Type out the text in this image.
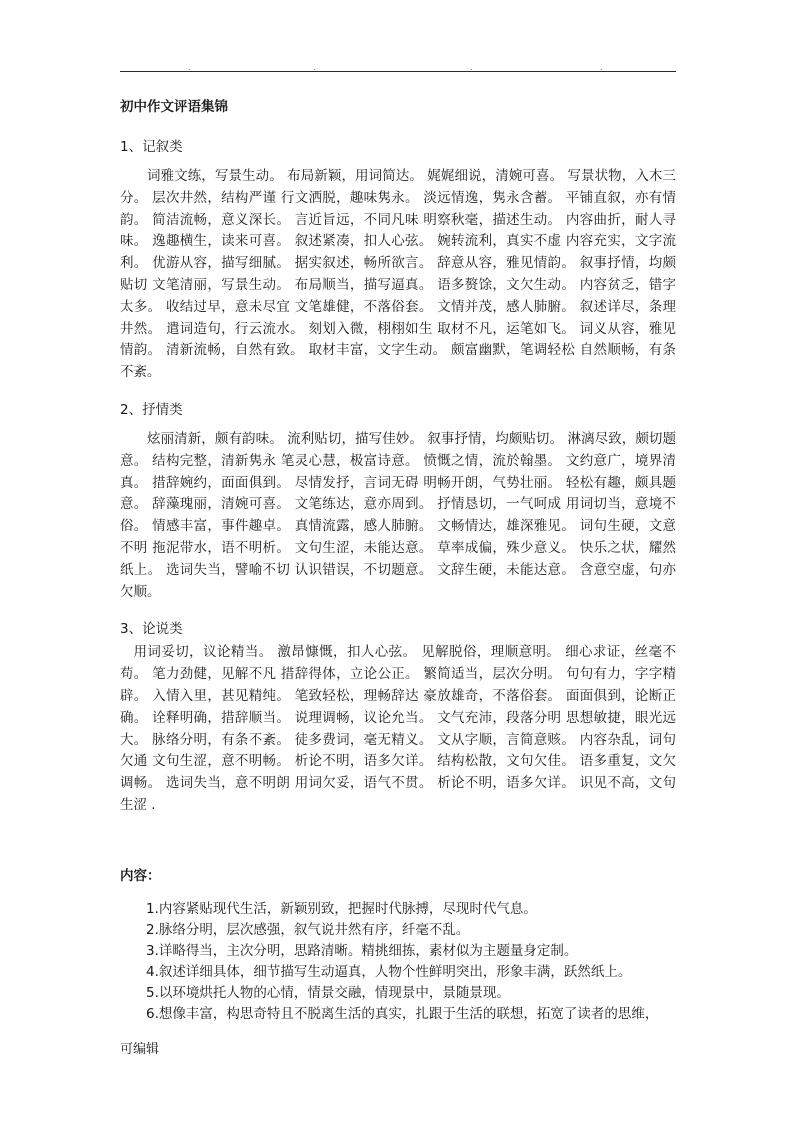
.	.	.	.
初中作文评语集锦
1、记叙类

词雅文练，写景生动。 布局新颖，用词简达。 娓娓细说，清婉可喜。 写景状物，入木三分。 层次井然，结构严谨 行文洒脱，趣味隽永。 淡远情逸，隽永含蓄。 平铺直叙，亦有情韵。 简洁流畅，意义深长。 言近旨远，不同凡味 明察秋毫，描述生动。 内容曲折，耐人寻味。 逸趣横生，读来可喜。 叙述紧凑，扣人心弦。 婉转流利，真实不虚 内容充实，文字流利。 优游从容，描写细腻。 据实叙述，畅所欲言。 辞意从容，雅见情韵。 叙事抒情，均颇贴切 文笔清丽，写景生动。 布局顺当，描写逼真。 语多赘馀，文欠生动。 内容贫乏，错字太多。 收结过早，意未尽宜 文笔雄健，不落俗套。 文情并茂，感人肺腑。 叙述详尽，条理井然。 遣词造句，行云流水。 刻划入微，栩栩如生 取材不凡，运笔如飞。 词义从容，雅见情韵。 清新流畅，自然有致。 取材丰富，文字生动。 颇富幽默，笔调轻松 自然顺畅，有条不紊。

2、抒情类

炫丽清新，颇有韵味。 流利贴切，描写佳妙。 叙事抒情，均颇贴切。 淋漓尽致，颇切题意。 结构完整，清新隽永 笔灵心慧，极富诗意。 愤慨之情，流於翰墨。 文约意广，境界清真。 措辞婉约，面面俱到。 尽情发抒，言词无碍 明畅开朗，气势壮丽。 轻松有趣，颇具题意。 辞藻瑰丽，清婉可喜。 文笔练达，意亦周到。 抒情恳切，一气呵成 用词切当，意境不俗。 情感丰富，事件趣卓。 真情流露，感人肺腑。 文畅情达，雄深雅见。 词句生硬，文意不明 拖泥带水，语不明析。 文句生涩，未能达意。 草率成偏，殊少意义。 快乐之状，耀然纸上。 选词失当，譬喻不切 认识错误，不切题意。 文辞生硬，未能达意。 含意空虚，句亦欠顺。

3、论说类

用词妥切，议论精当。 激昂慷慨，扣人心弦。 见解脱俗，理顺意明。 细心求证，丝毫不苟。 笔力劲健，见解不凡 措辞得体，立论公正。 繁简适当，层次分明。 句句有力，字字精辟。 入情入里，甚见精纯。 笔致轻松，理畅辞达 豪放雄奇，不落俗套。 面面俱到，论断正确。 诠释明确，措辞顺当。 说理调畅，议论允当。 文气充沛，段落分明 思想敏捷，眼光远大。 脉络分明，有条不紊。 徒多费词，毫无精义。 文从字顺，言简意赅。 内容杂乱，词句欠通 文句生涩，意不明畅。 析论不明，语多欠详。 结构松散，文句欠佳。 语多重复，文欠调畅。 选词失当，意不明朗 用词欠妥，语气不贯。 析论不明，语多欠详。 识见不高，文句生涩 .

内容：
1.内容紧贴现代生活，新颖别致，把握时代脉搏，尽现时代气息。
2.脉络分明，层次感强，叙气说井然有序，纤毫不乱。
3.详略得当，主次分明，思路清晰。精挑细拣，素材似为主题量身定制。
4.叙述详细具体，细节描写生动逼真，人物个性鲜明突出，形象丰满，跃然纸上。
5.以环境烘托人物的心情，情景交融，情现景中，景随景现。
6.想像丰富，构思奇特且不脱离生活的真实，扎跟于生活的联想，拓宽了读者的思维，
可编辑
